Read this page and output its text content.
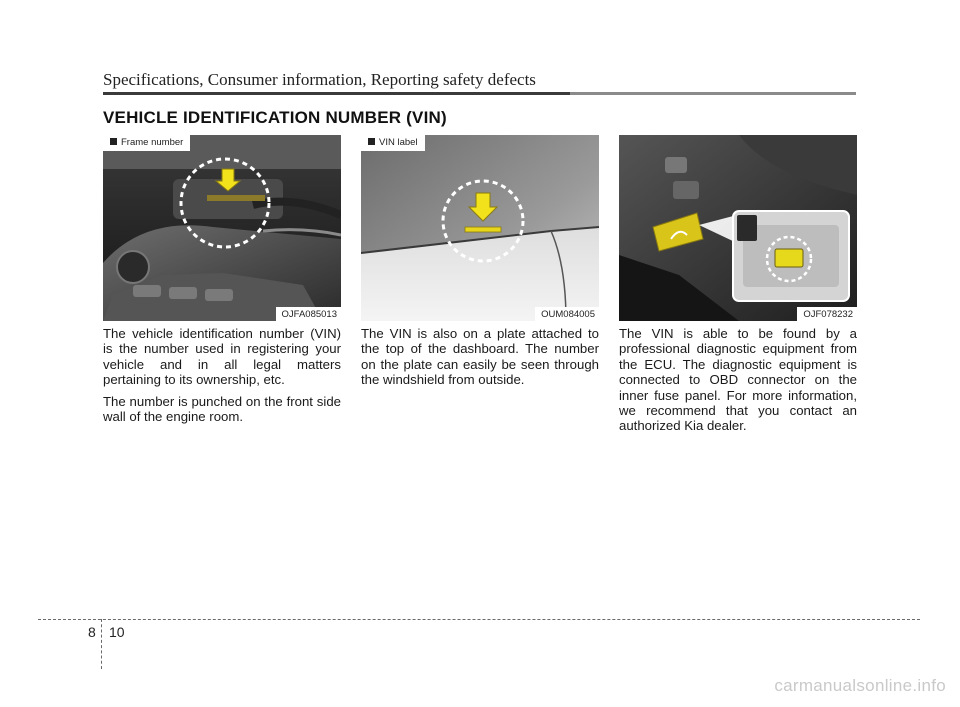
Specifications, Consumer information, Reporting safety defects
VEHICLE IDENTIFICATION NUMBER (VIN)
Frame number
OJFA085013
VIN label
OUM084005	OJF078232

The vehicle identification number (VIN) is the number used in registering your vehicle and in all legal matters pertaining to its ownership, etc.

The number is punched on the front side wall of the engine room.

The VIN is also on a plate attached to the top of the dashboard. The number on the plate can easily be seen through the windshield from outside.

The VIN is able to be found by a professional diagnostic equipment from the ECU. The diagnostic equipment is connected to OBD connector on the inner fuse panel. For more information, we recommend that you contact an authorized Kia dealer.

8 10
carmanualsonline.info
